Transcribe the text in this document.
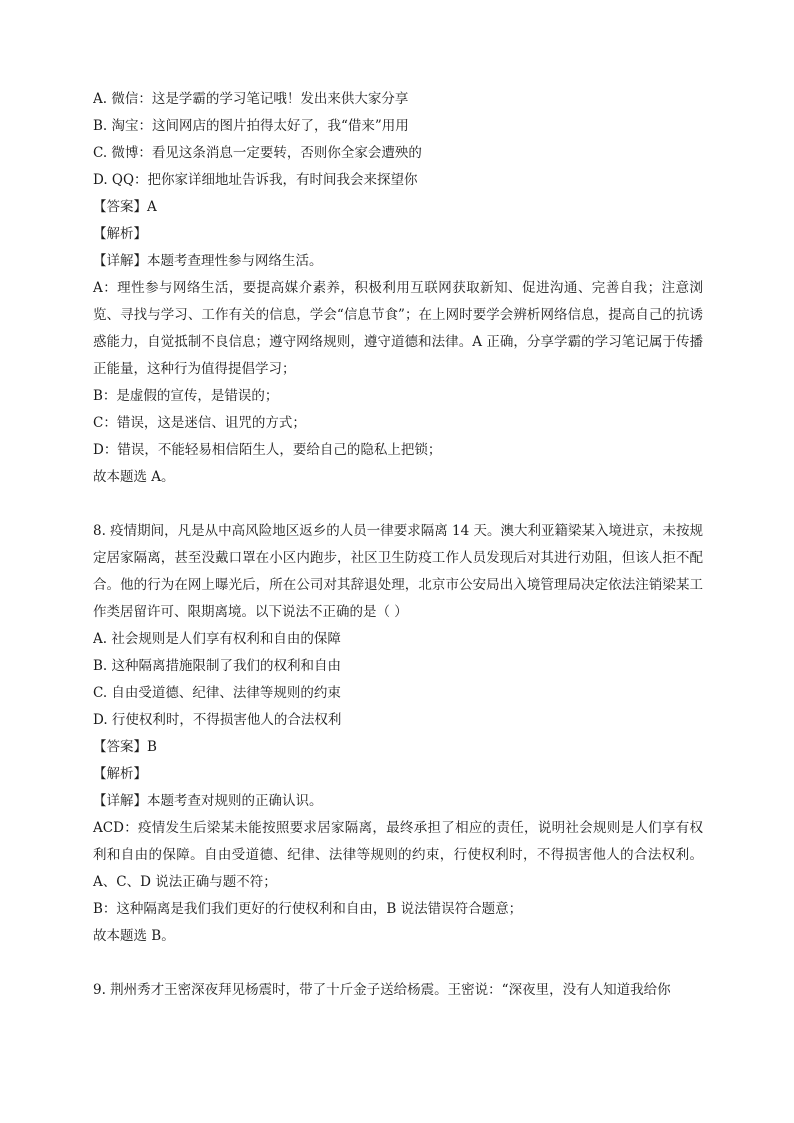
A. 微信：这是学霸的学习笔记哦！发出来供大家分享
B. 淘宝：这间网店的图片拍得太好了，我“借来”用用
C. 微博：看见这条消息一定要转，否则你全家会遭殃的
D. QQ：把你家详细地址告诉我，有时间我会来探望你
【答案】A
【解析】
【详解】本题考查理性参与网络生活。
A：理性参与网络生活，要提高媒介素养，积极利用互联网获取新知、促进沟通、完善自我；注意浏览、寻找与学习、工作有关的信息，学会“信息节食”；在上网时要学会辨析网络信息，提高自己的抗诱惑能力，自觉抵制不良信息；遵守网络规则，遵守道德和法律。A 正确，分享学霸的学习笔记属于传播正能量，这种行为值得提倡学习；
B：是虚假的宣传，是错误的；
C：错误，这是迷信、诅咒的方式；
D：错误，不能轻易相信陌生人，要给自己的隐私上把锁；
故本题选 A。
8. 疫情期间，凡是从中高风险地区返乡的人员一律要求隔离 14 天。澳大利亚籍梁某入境进京，未按规定居家隔离，甚至没戴口罩在小区内跑步，社区卫生防疫工作人员发现后对其进行劝阻，但该人拒不配合。他的行为在网上曝光后，所在公司对其辞退处理，北京市公安局出入境管理局决定依法注销梁某工作类居留许可、限期离境。以下说法不正确的是（ ）
A. 社会规则是人们享有权利和自由的保障
B. 这种隔离措施限制了我们的权利和自由
C. 自由受道德、纪律、法律等规则的约束
D. 行使权利时，不得损害他人的合法权利
【答案】B
【解析】
【详解】本题考查对规则的正确认识。
ACD：疫情发生后梁某未能按照要求居家隔离，最终承担了相应的责任，说明社会规则是人们享有权利和自由的保障。自由受道德、纪律、法律等规则的约束，行使权利时，不得损害他人的合法权利。A、C、D 说法正确与题不符；
B：这种隔离是我们我们更好的行使权利和自由，B 说法错误符合题意；
故本题选 B。
9. 荆州秀才王密深夜拜见杨震时，带了十斤金子送给杨震。王密说：“深夜里，没有人知道我给你
